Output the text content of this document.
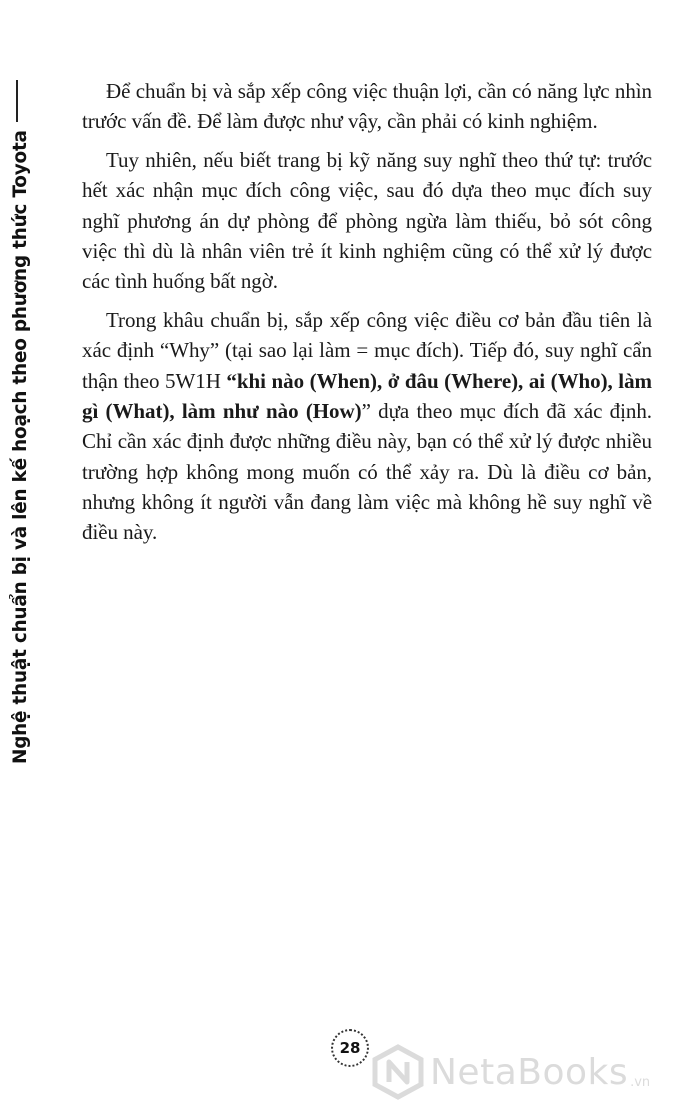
Nghệ thuật chuẩn bị và lên kế hoạch theo phương thức Toyota

Để chuẩn bị và sắp xếp công việc thuận lợi, cần có năng lực nhìn trước vấn đề. Để làm được như vậy, cần phải có kinh nghiệm.

Tuy nhiên, nếu biết trang bị kỹ năng suy nghĩ theo thứ tự: trước hết xác nhận mục đích công việc, sau đó dựa theo mục đích suy nghĩ phương án dự phòng để phòng ngừa làm thiếu, bỏ sót công việc thì dù là nhân viên trẻ ít kinh nghiệm cũng có thể xử lý được các tình huống bất ngờ.

Trong khâu chuẩn bị, sắp xếp công việc điều cơ bản đầu tiên là xác định “Why” (tại sao lại làm = mục đích). Tiếp đó, suy nghĩ cẩn thận theo 5W1H “khi nào (When), ở đâu (Where), ai (Who), làm gì (What), làm như nào (How)” dựa theo mục đích đã xác định. Chỉ cần xác định được những điều này, bạn có thể xử lý được nhiều trường hợp không mong muốn có thể xảy ra. Dù là điều cơ bản, nhưng không ít người vẫn đang làm việc mà không hề suy nghĩ về điều này.

28
NetaBooks .vn
